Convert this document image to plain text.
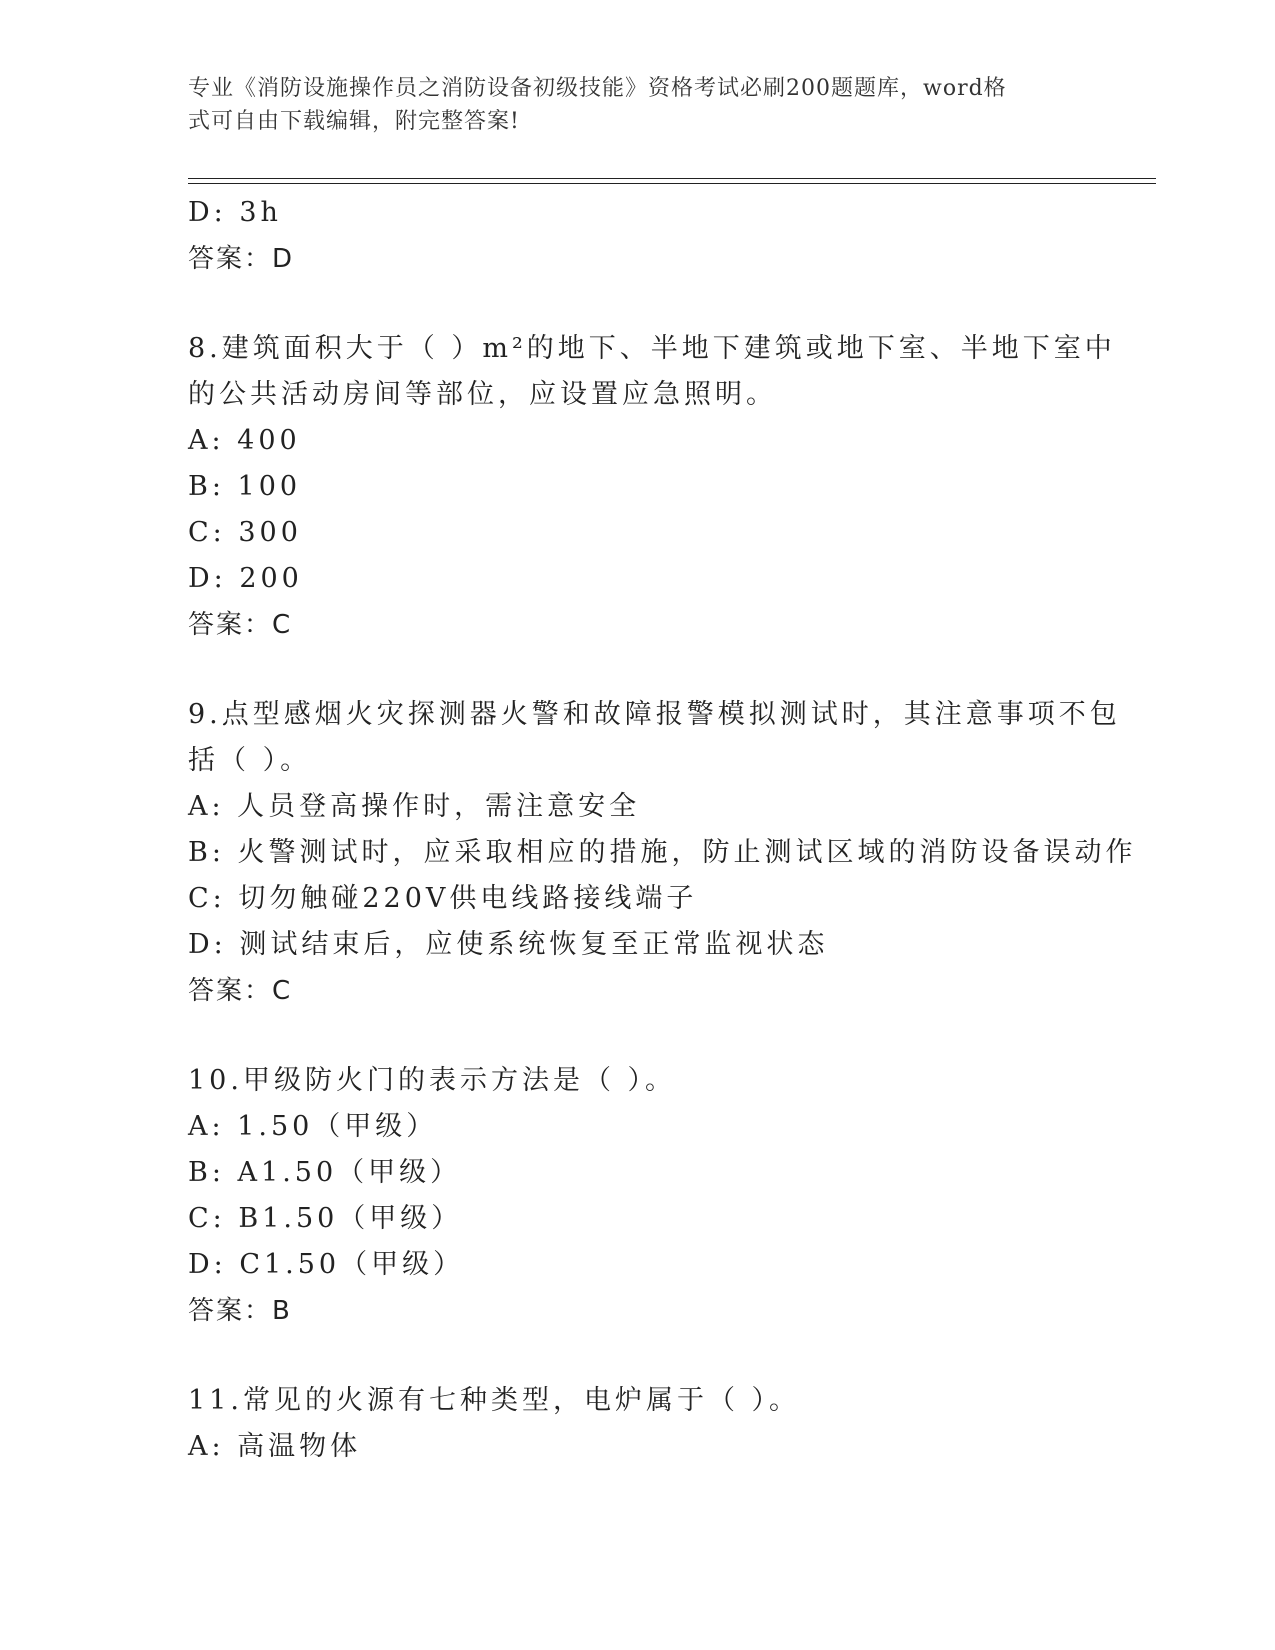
专业《消防设施操作员之消防设备初级技能》资格考试必刷200题题库，word格
式可自由下载编辑，附完整答案!
D: 3h
答案：D
8.建筑面积大于（ ）m²的地下、半地下建筑或地下室、半地下室中
的公共活动房间等部位，应设置应急照明。
A: 400
B: 100
C: 300
D: 200
答案：C
9.点型感烟火灾探测器火警和故障报警模拟测试时，其注意事项不包
括（ ）。
A: 人员登高操作时，需注意安全
B: 火警测试时，应采取相应的措施，防止测试区域的消防设备误动作
C: 切勿触碰220V供电线路接线端子
D: 测试结束后，应使系统恢复至正常监视状态
答案：C
10.甲级防火门的表示方法是（ ）。
A: 1.50（甲级）
B: A1.50（甲级）
C: B1.50（甲级）
D: C1.50（甲级）
答案：B
11.常见的火源有七种类型，电炉属于（ ）。
A: 高温物体
